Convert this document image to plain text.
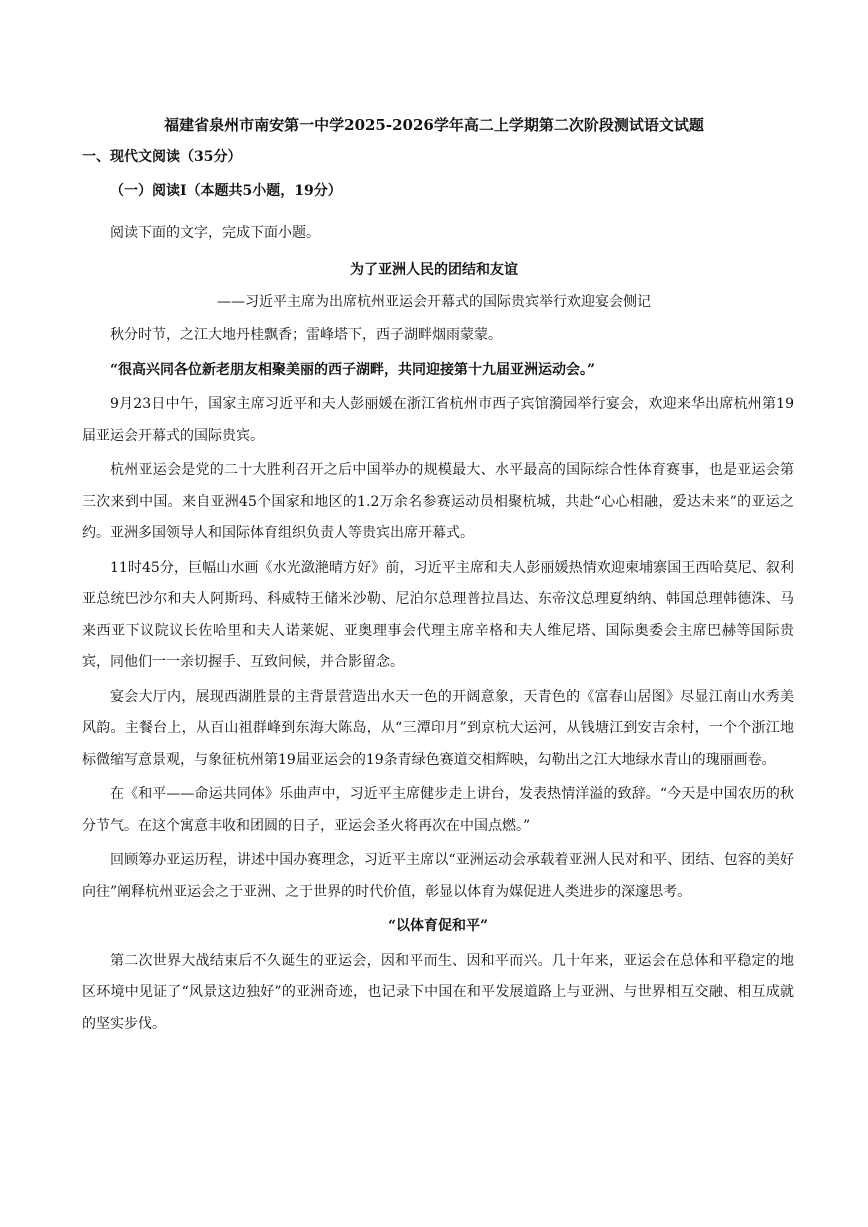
福建省泉州市南安第一中学2025-2026学年高二上学期第二次阶段测试语文试题
一、现代文阅读（35分）
（一）阅读Ⅰ（本题共5小题，19分）
阅读下面的文字，完成下面小题。
为了亚洲人民的团结和友谊
——习近平主席为出席杭州亚运会开幕式的国际贵宾举行欢迎宴会侧记

秋分时节，之江大地丹桂飘香；雷峰塔下，西子湖畔烟雨蒙蒙。

“很高兴同各位新老朋友相聚美丽的西子湖畔，共同迎接第十九届亚洲运动会。”

9月23日中午，国家主席习近平和夫人彭丽媛在浙江省杭州市西子宾馆漪园举行宴会，欢迎来华出席杭州第19届亚运会开幕式的国际贵宾。

杭州亚运会是党的二十大胜利召开之后中国举办的规模最大、水平最高的国际综合性体育赛事，也是亚运会第三次来到中国。来自亚洲45个国家和地区的1.2万余名参赛运动员相聚杭城，共赴“心心相融，爱达未来”的亚运之约。亚洲多国领导人和国际体育组织负责人等贵宾出席开幕式。

11时45分，巨幅山水画《水光潋滟晴方好》前，习近平主席和夫人彭丽媛热情欢迎柬埔寨国王西哈莫尼、叙利亚总统巴沙尔和夫人阿斯玛、科威特王储米沙勒、尼泊尔总理普拉昌达、东帝汶总理夏纳纳、韩国总理韩德洙、马来西亚下议院议长佐哈里和夫人诺莱妮、亚奥理事会代理主席辛格和夫人维尼塔、国际奥委会主席巴赫等国际贵宾，同他们一一亲切握手、互致问候，并合影留念。

宴会大厅内，展现西湖胜景的主背景营造出水天一色的开阔意象，天青色的《富春山居图》尽显江南山水秀美风韵。主餐台上，从百山祖群峰到东海大陈岛，从“三潭印月”到京杭大运河，从钱塘江到安吉余村，一个个浙江地标微缩写意景观，与象征杭州第19届亚运会的19条青绿色赛道交相辉映，勾勒出之江大地绿水青山的瑰丽画卷。

在《和平——命运共同体》乐曲声中，习近平主席健步走上讲台，发表热情洋溢的致辞。“今天是中国农历的秋分节气。在这个寓意丰收和团圆的日子，亚运会圣火将再次在中国点燃。”

回顾筹办亚运历程，讲述中国办赛理念，习近平主席以“亚洲运动会承载着亚洲人民对和平、团结、包容的美好向往”阐释杭州亚运会之于亚洲、之于世界的时代价值，彰显以体育为媒促进人类进步的深邃思考。

“以体育促和平”

第二次世界大战结束后不久诞生的亚运会，因和平而生、因和平而兴。几十年来，亚运会在总体和平稳定的地区环境中见证了“风景这边独好”的亚洲奇迹，也记录下中国在和平发展道路上与亚洲、与世界相互交融、相互成就的坚实步伐。
